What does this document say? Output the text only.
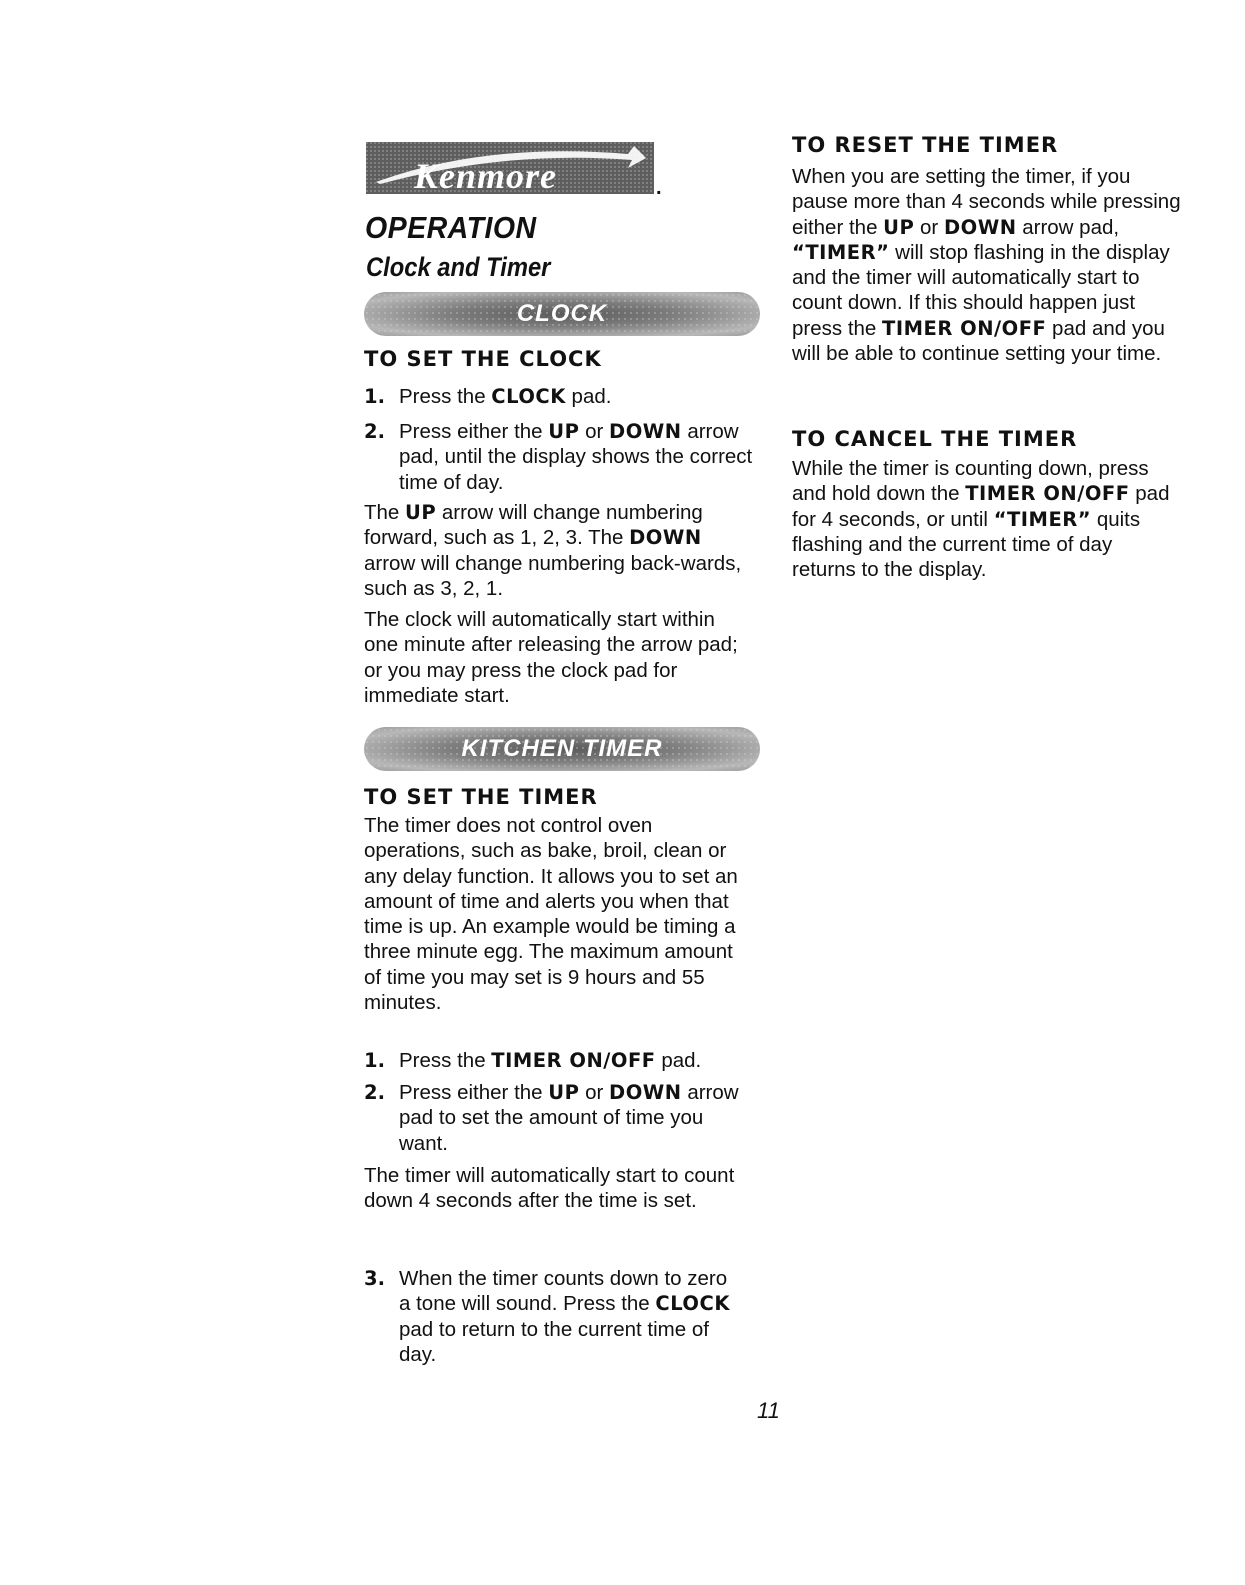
Kenmore	.
OPERATION
Clock and Timer
CLOCK
TO SET THE CLOCK

1. Press the CLOCK pad.

2. Press either the UP or DOWN arrow pad, until the display shows the correct time of day.

The UP arrow will change numbering forward, such as 1, 2, 3. The DOWN arrow will change numbering back-wards, such as 3, 2, 1.

The clock will automatically start within one minute after releasing the arrow pad; or you may press the clock pad for immediate start.

KITCHEN TIMER
TO SET THE TIMER

The timer does not control oven operations, such as bake, broil, clean or any delay function. It allows you to set an amount of time and alerts you when that time is up. An example would be timing a three minute egg. The maximum amount of time you may set is 9 hours and 55 minutes.

1. Press the TIMER ON/OFF pad.

2. Press either the UP or DOWN arrow pad to set the amount of time you want.

The timer will automatically start to count down 4 seconds after the time is set.

3. When the timer counts down to zero a tone will sound. Press the CLOCK pad to return to the current time of day.

TO RESET THE TIMER

When you are setting the timer, if you pause more than 4 seconds while pressing either the UP or DOWN arrow pad, “TIMER” will stop flashing in the display and the timer will automatically start to count down. If this should happen just press the TIMER ON/OFF pad and you will be able to continue setting your time.

TO CANCEL THE TIMER

While the timer is counting down, press and hold down the TIMER ON/OFF pad for 4 seconds, or until “TIMER” quits flashing and the current time of day returns to the display.

11
